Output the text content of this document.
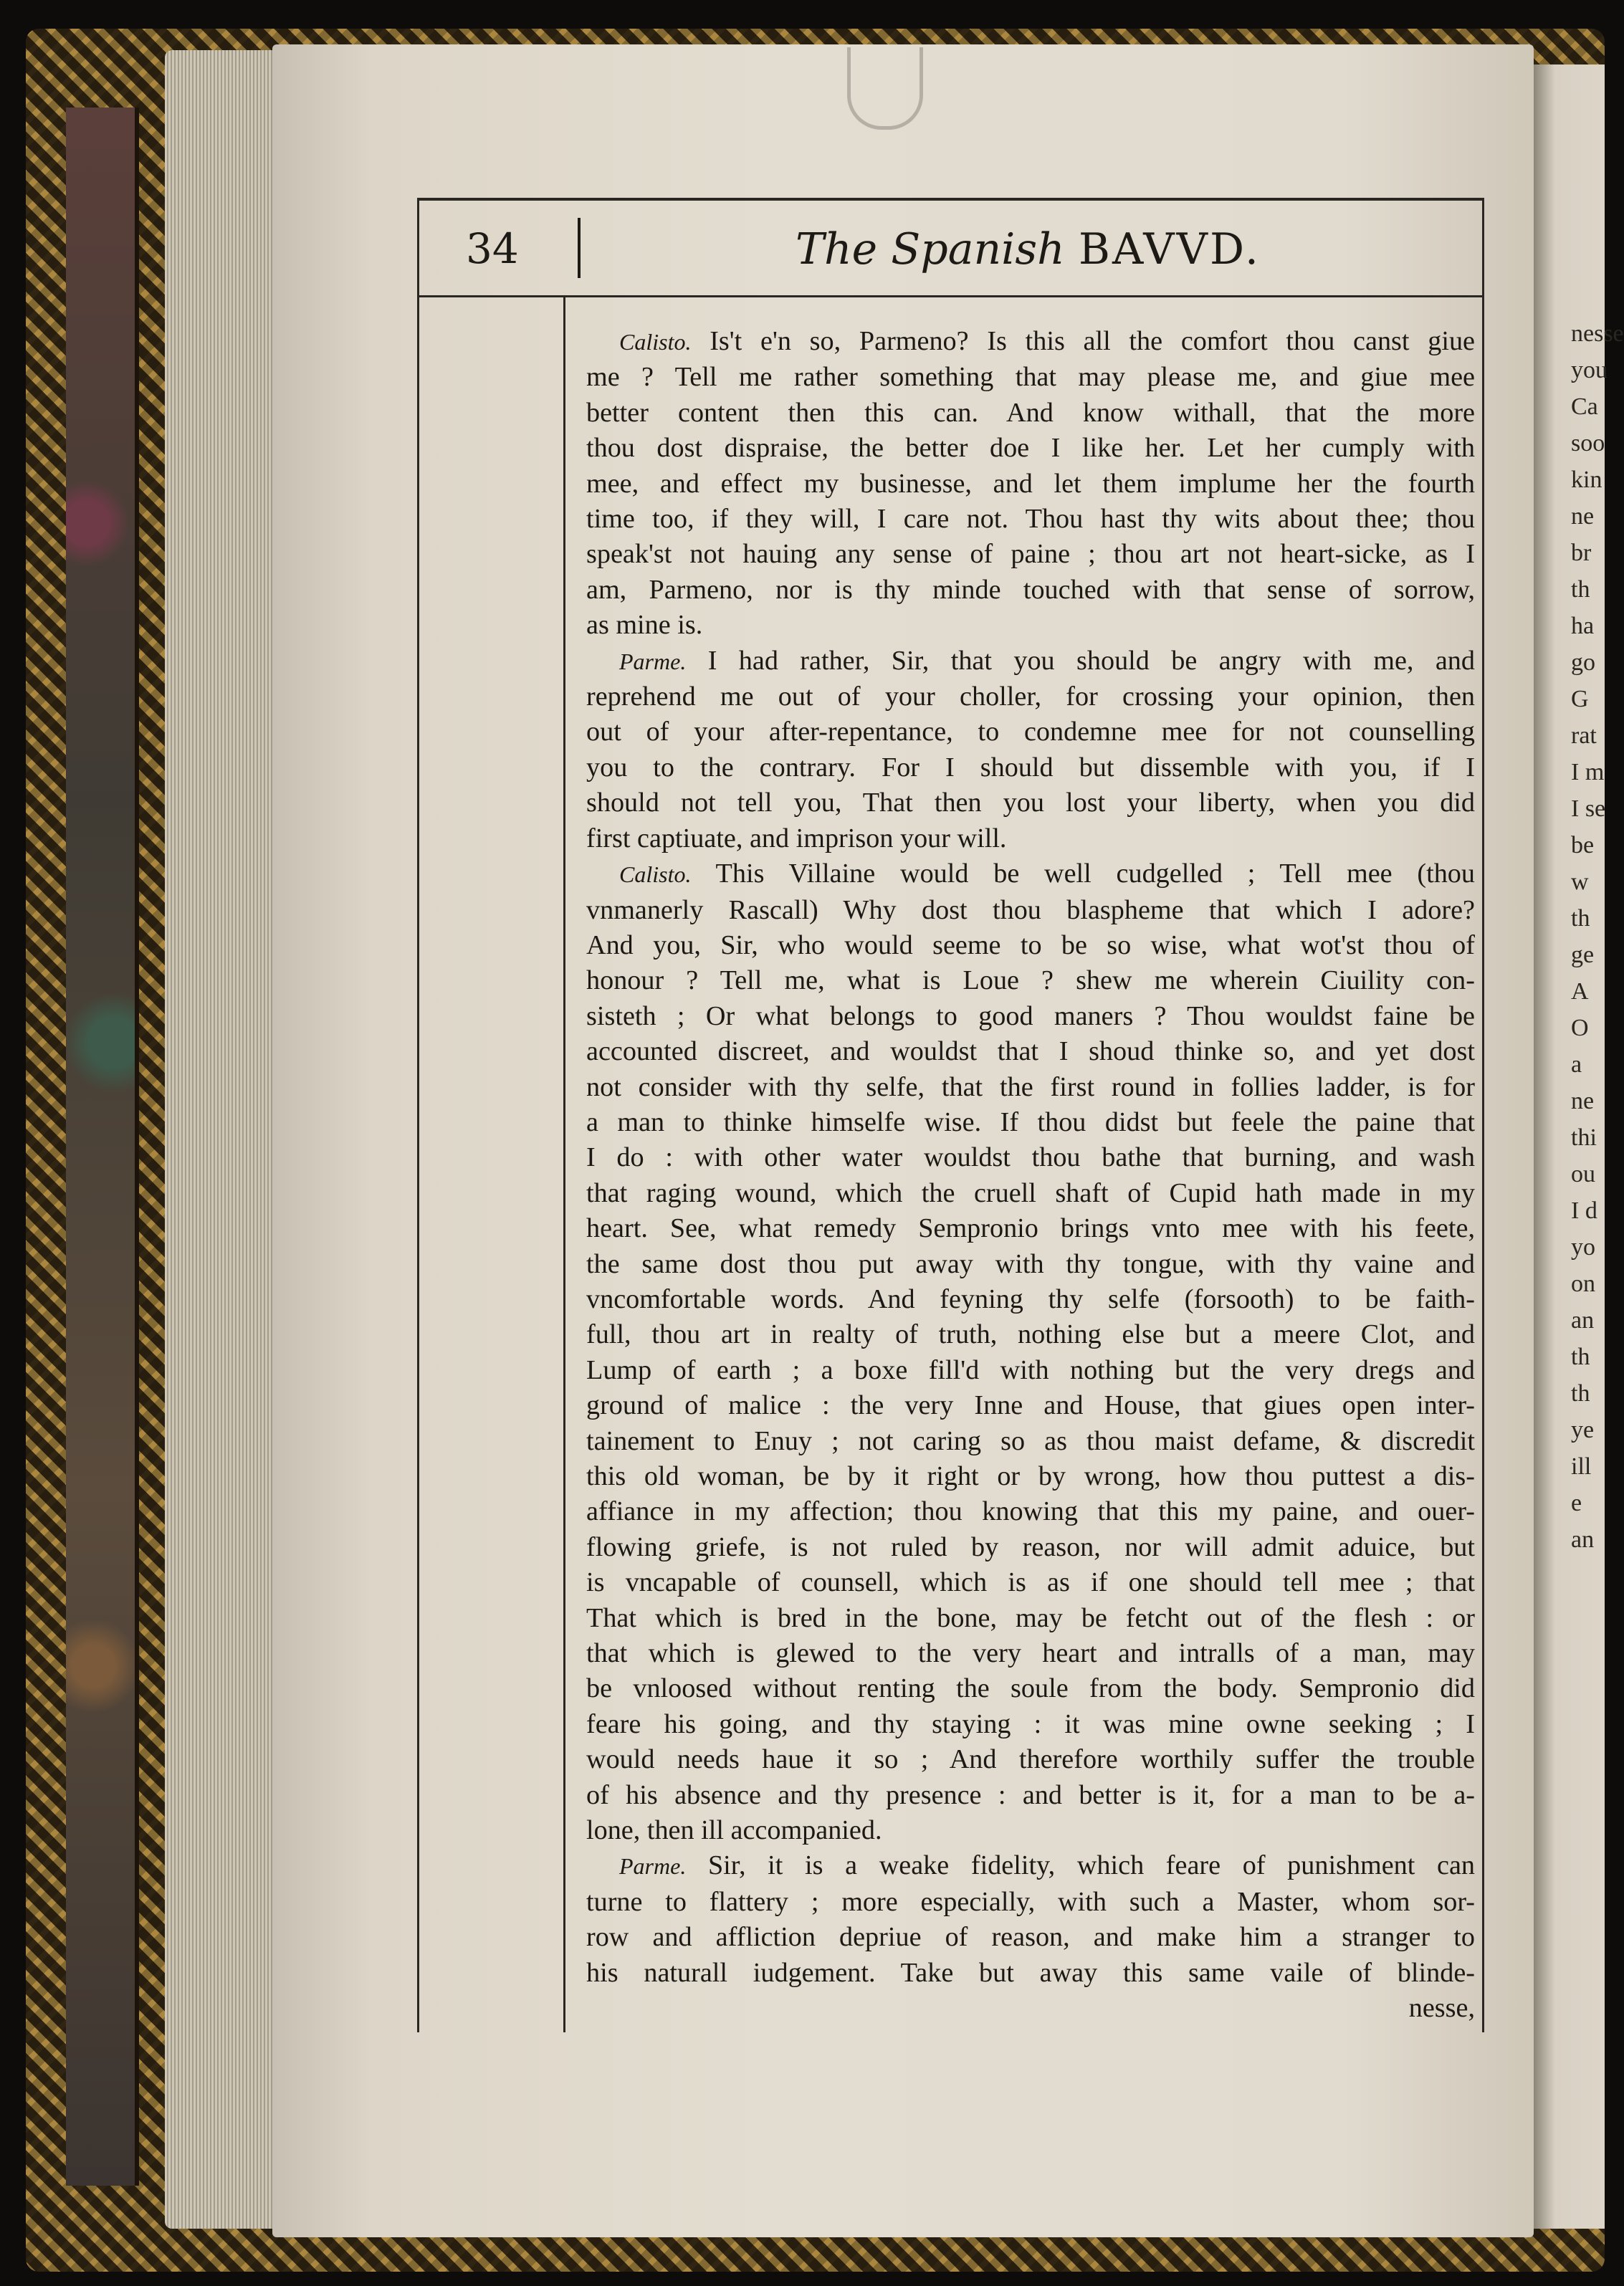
34	The Spanish BAVVD.
Calisto. Is't e'n so, Parmeno? Is this all the comfort thou canst giue
me ? Tell me rather something that may please me, and giue mee
better content then this can. And know withall, that the more
thou dost dispraise, the better doe I like her. Let her cumply with
mee, and effect my businesse, and let them implume her the fourth
time too, if they will, I care not. Thou hast thy wits about thee; thou
speak'st not hauing any sense of paine ; thou art not heart-sicke, as I
am, Parmeno, nor is thy minde touched with that sense of sorrow,
as mine is.
Parme. I had rather, Sir, that you should be angry with me, and
reprehend me out of your choller, for crossing your opinion, then
out of your after-repentance, to condemne mee for not counselling
you to the contrary. For I should but dissemble with you, if I
should not tell you, That then you lost your liberty, when you did
first captiuate, and imprison your will.
Calisto. This Villaine would be well cudgelled ; Tell mee (thou
vnmanerly Rascall) Why dost thou blaspheme that which I adore?
And you, Sir, who would seeme to be so wise, what wot'st thou of
honour ? Tell me, what is Loue ? shew me wherein Ciuility con-
sisteth ; Or what belongs to good maners ? Thou wouldst faine be
accounted discreet, and wouldst that I shoud thinke so, and yet dost
not consider with thy selfe, that the first round in follies ladder, is for
a man to thinke himselfe wise. If thou didst but feele the paine that
I do : with other water wouldst thou bathe that burning, and wash
that raging wound, which the cruell shaft of Cupid hath made in my
heart. See, what remedy Sempronio brings vnto mee with his feete,
the same dost thou put away with thy tongue, with thy vaine and
vncomfortable words. And feyning thy selfe (forsooth) to be faith-
full, thou art in realty of truth, nothing else but a meere Clot, and
Lump of earth ; a boxe fill'd with nothing but the very dregs and
ground of malice : the very Inne and House, that giues open inter-
tainement to Enuy ; not caring so as thou maist defame, & discredit
this old woman, be by it right or by wrong, how thou puttest a dis-
affiance in my affection; thou knowing that this my paine, and ouer-
flowing griefe, is not ruled by reason, nor will admit aduice, but
is vncapable of counsell, which is as if one should tell mee ; that
That which is bred in the bone, may be fetcht out of the flesh : or
that which is glewed to the very heart and intralls of a man, may
be vnloosed without renting the soule from the body. Sempronio did
feare his going, and thy staying : it was mine owne seeking ; I
would needs haue it so ; And therefore worthily suffer the trouble
of his absence and thy presence : and better is it, for a man to be a-
lone, then ill accompanied.
Parme. Sir, it is a weake fidelity, which feare of punishment can
turne to flattery ; more especially, with such a Master, whom sor-
row and affliction depriue of reason, and make him a stranger to
his naturall iudgement. Take but away this same vaile of blinde-
nesse,
nesse
you
Ca
soo
kin
ne
br
th
ha
go
G
rat
I m
I se
be
w
th
ge
A
O
a
ne
thi
ou
I d
yo
on
an
th
th
ye
ill
e
an
